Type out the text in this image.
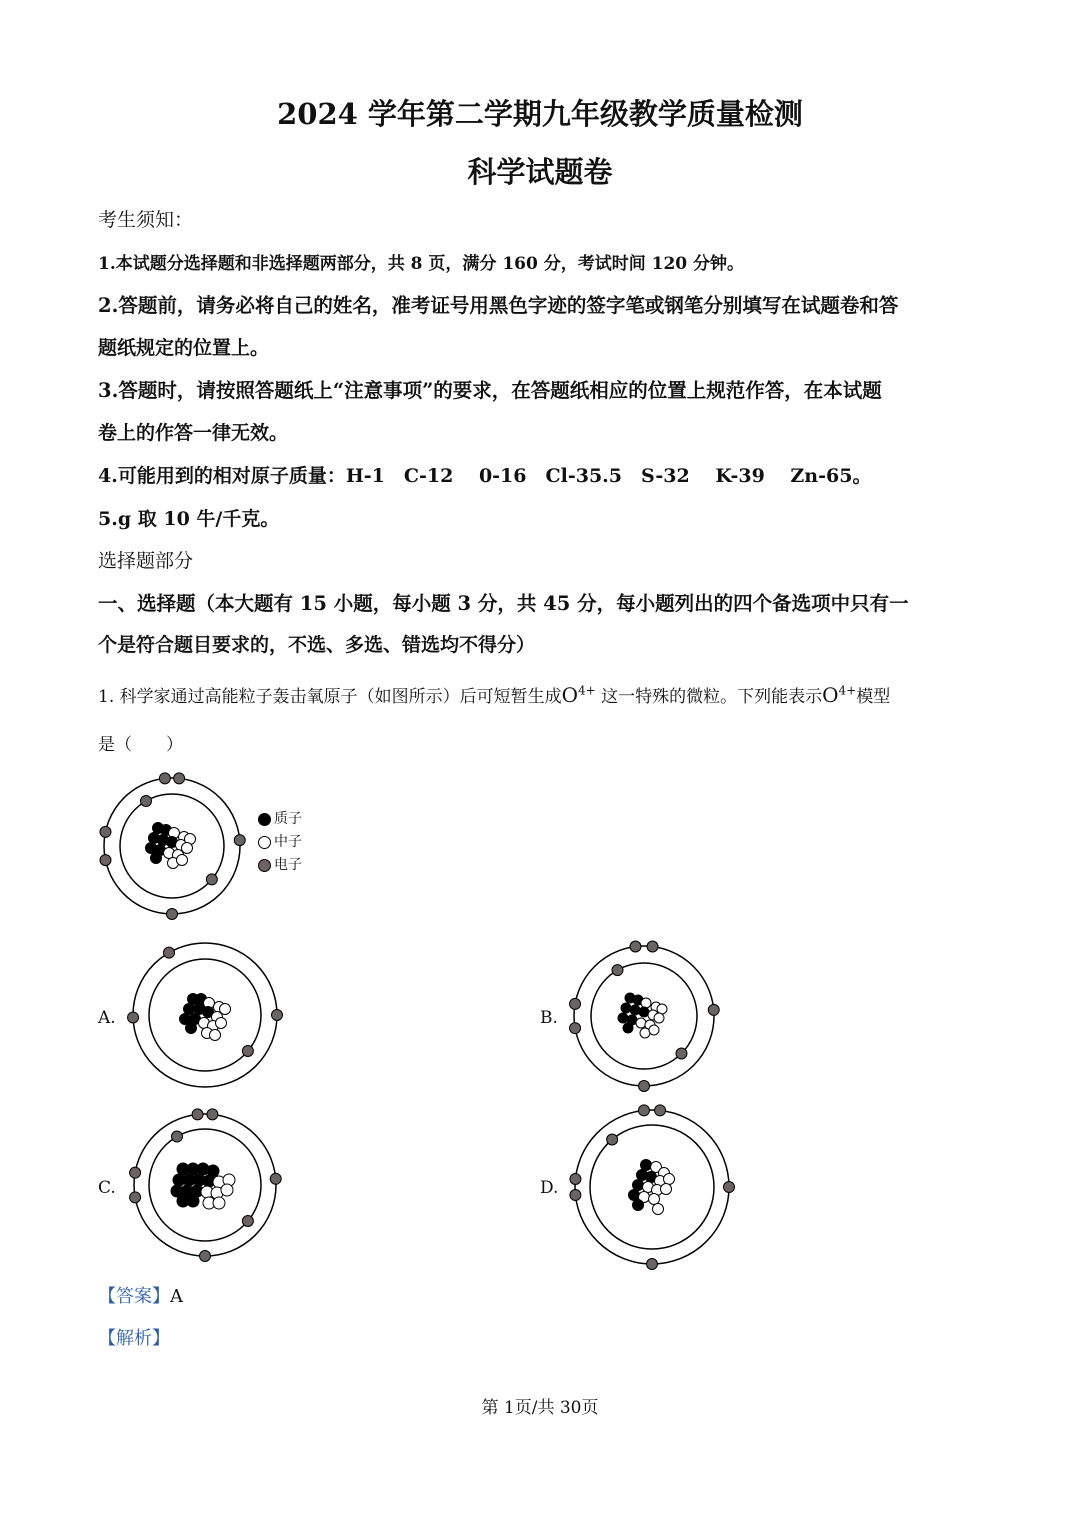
2024 学年第二学期九年级教学质量检测
科学试题卷
考生须知：
1.本试题分选择题和非选择题两部分，共 8 页，满分 160 分，考试时间 120 分钟。
2.答题前，请务必将自己的姓名，准考证号用黑色字迹的签字笔或钢笔分别填写在试题卷和答
题纸规定的位置上。
3.答题时，请按照答题纸上“注意事项”的要求，在答题纸相应的位置上规范作答，在本试题
卷上的作答一律无效。
4.可能用到的相对原子质量：H-1　C-12　 0-16　Cl-35.5　S-32　 K-39　 Zn-65。
5.g 取 10 牛/千克。
选择题部分
一、选择题（本大题有 15 小题，每小题 3 分，共 45 分，每小题列出的四个备选项中只有一
个是符合题目要求的，不选、多选、错选均不得分）
1. 科学家通过高能粒子轰击氧原子（如图所示）后可短暂生成$O^{4+}$ 这一特殊的微粒。下列能表示$O^{4+}$模型
是（　　）
质子
中子
电子
A.	B.
C.	D.
【答案】A
【解析】
第 1页/共 30页
